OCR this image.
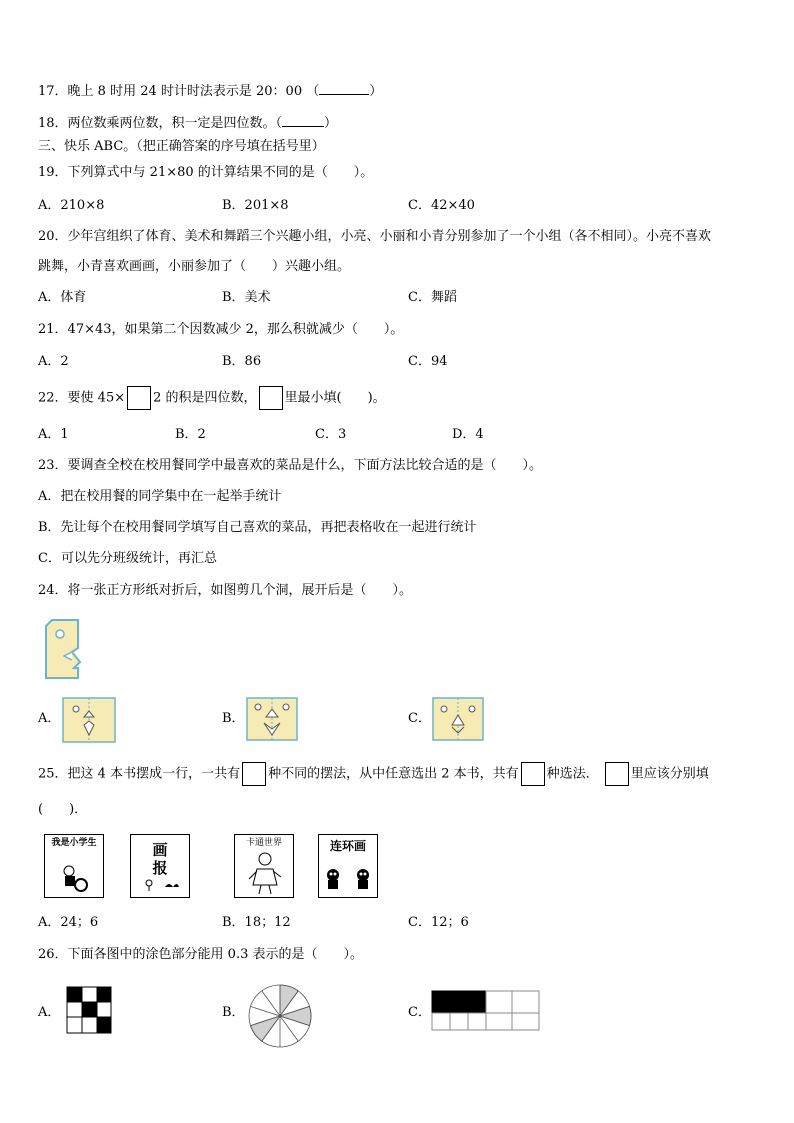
17．晚上 8 时用 24 时计时法表示是 20：00 （	）
18．两位数乘两位数，积一定是四位数。（	）
三、快乐 ABC。（把正确答案的序号填在括号里）
19．下列算式中与 21×80 的计算结果不同的是（　　）。
A．210×8	B．201×8	C．42×40
20．少年宫组织了体育、美术和舞蹈三个兴趣小组，小亮、小丽和小青分别参加了一个小组（各不相同）。小亮不喜欢
跳舞，小青喜欢画画，小丽参加了（　　）兴趣小组。
A．体育	B．美术	C．舞蹈
21．47×43，如果第二个因数减少 2，那么积就减少（　　）。
A．2	B．86	C．94
22．要使 45× 2 的积是四位数， 里最小填(　　)。
A．1	B．2	C．3	D．4
23．要调查全校在校用餐同学中最喜欢的菜品是什么，下面方法比较合适的是（　　）。
A．把在校用餐的同学集中在一起举手统计
B．先让每个在校用餐同学填写自己喜欢的菜品，再把表格收在一起进行统计
C．可以先分班级统计，再汇总
24．将一张正方形纸对折后，如图剪几个洞，展开后是（　　）。
A．	B．	C．
25．把这 4 本书摆成一行，一共有 种不同的摆法，从中任意选出 2 本书，共有 种选法． 里应该分别填
(　　)．
我是小学生	画报
卡通世界	连环画
A．24；6	B．18；12	C．12；6
26．下面各图中的涂色部分能用 0.3 表示的是（　　）。
A．	B．	C．
